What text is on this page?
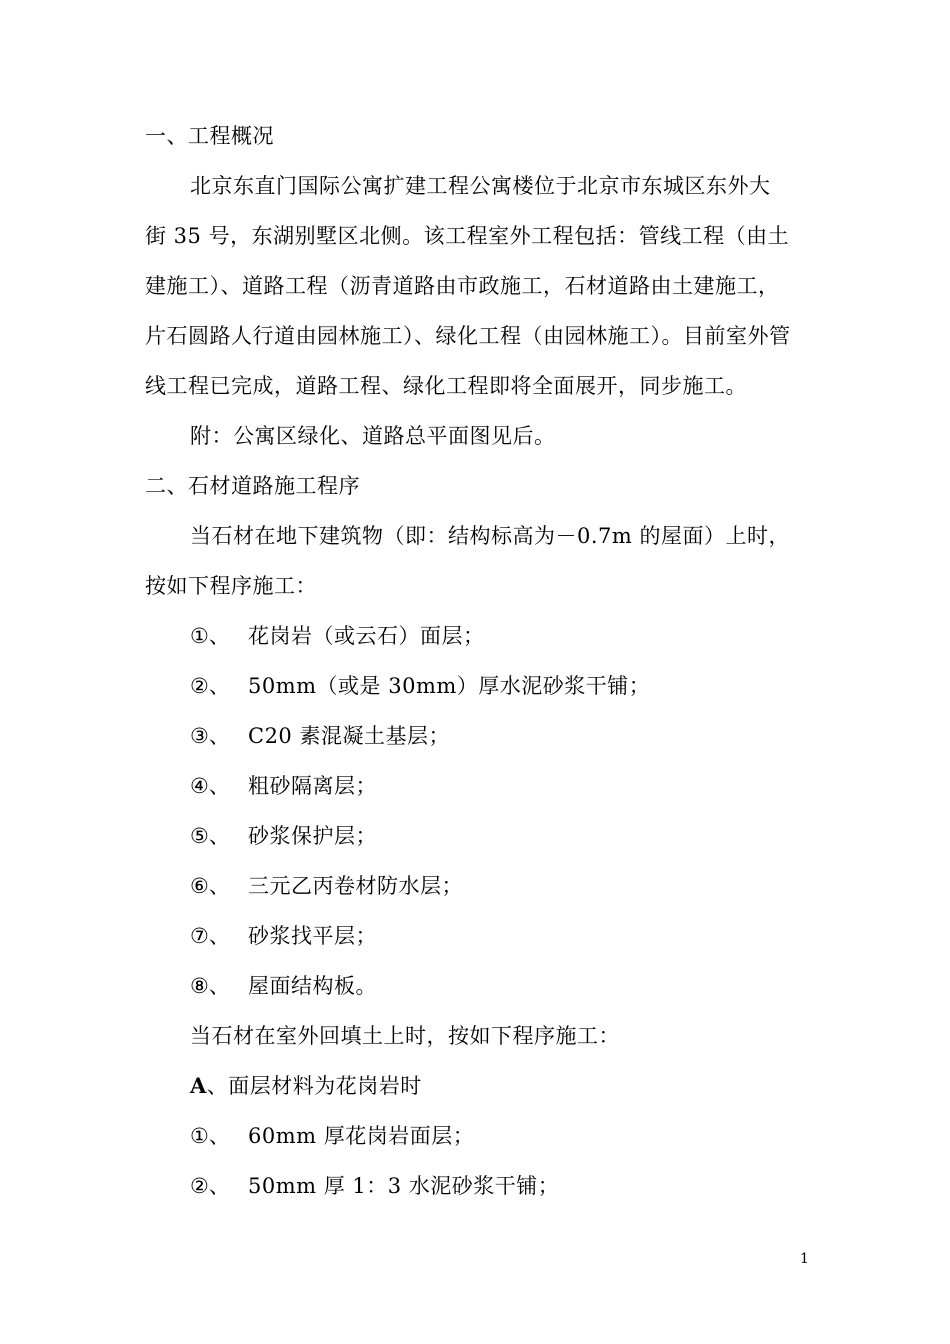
一、工程概况
北京东直门国际公寓扩建工程公寓楼位于北京市东城区东外大
街 35 号，东湖别墅区北侧。该工程室外工程包括：管线工程（由土
建施工）、道路工程（沥青道路由市政施工，石材道路由土建施工，
片石圆路人行道由园林施工）、绿化工程（由园林施工）。目前室外管
线工程已完成，道路工程、绿化工程即将全面展开，同步施工。
附：公寓区绿化、道路总平面图见后。
二、石材道路施工程序
当石材在地下建筑物（即：结构标高为－0.7m 的屋面）上时，
按如下程序施工：
①、 花岗岩（或云石）面层；
②、 50mm（或是 30mm）厚水泥砂浆干铺；
③、 C20 素混凝土基层；
④、 粗砂隔离层；
⑤、 砂浆保护层；
⑥、 三元乙丙卷材防水层；
⑦、 砂浆找平层；
⑧、 屋面结构板。
当石材在室外回填土上时，按如下程序施工：
A、面层材料为花岗岩时
①、 60mm 厚花岗岩面层；
②、 50mm 厚 1：3 水泥砂浆干铺；
1
